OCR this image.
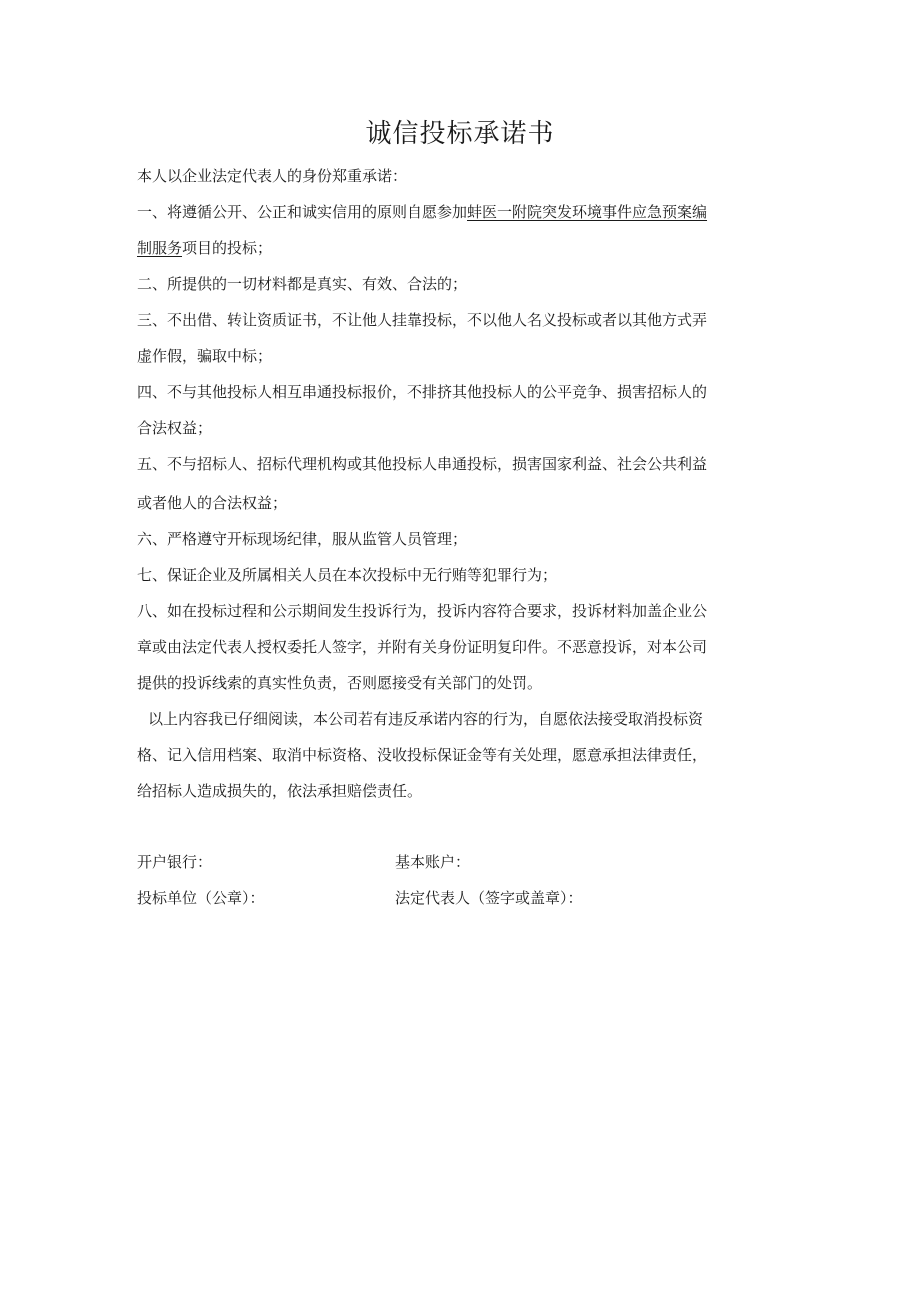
诚信投标承诺书
本人以企业法定代表人的身份郑重承诺：
一、将遵循公开、公正和诚实信用的原则自愿参加蚌医一附院突发环境事件应急预案编
制服务项目的投标；
二、所提供的一切材料都是真实、有效、合法的；
三、不出借、转让资质证书，不让他人挂靠投标，不以他人名义投标或者以其他方式弄
虚作假，骗取中标；
四、不与其他投标人相互串通投标报价，不排挤其他投标人的公平竞争、损害招标人的
合法权益；
五、不与招标人、招标代理机构或其他投标人串通投标，损害国家利益、社会公共利益
或者他人的合法权益；
六、严格遵守开标现场纪律，服从监管人员管理；
七、保证企业及所属相关人员在本次投标中无行贿等犯罪行为；
八、如在投标过程和公示期间发生投诉行为，投诉内容符合要求，投诉材料加盖企业公
章或由法定代表人授权委托人签字，并附有关身份证明复印件。不恶意投诉，对本公司
提供的投诉线索的真实性负责，否则愿接受有关部门的处罚。
以上内容我已仔细阅读，本公司若有违反承诺内容的行为，自愿依法接受取消投标资
格、记入信用档案、取消中标资格、没收投标保证金等有关处理，愿意承担法律责任，
给招标人造成损失的，依法承担赔偿责任。
开户银行：	基本账户：
投标单位（公章）：	法定代表人（签字或盖章）：
